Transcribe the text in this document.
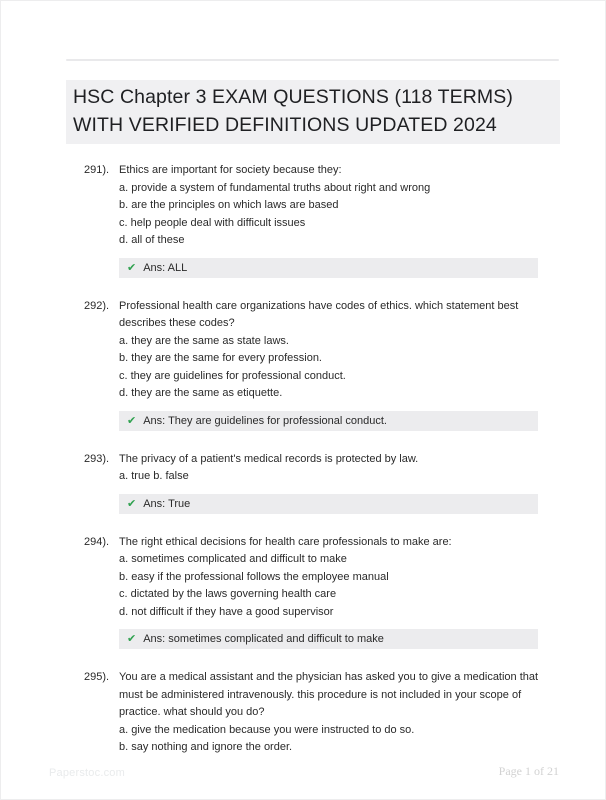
HSC Chapter 3 EXAM QUESTIONS (118 TERMS) WITH VERIFIED DEFINITIONS UPDATED 2024
291). Ethics are important for society because they:
a. provide a system of fundamental truths about right and wrong
b. are the principles on which laws are based
c. help people deal with difficult issues
d. all of these
✔ Ans: ALL
292). Professional health care organizations have codes of ethics. which statement best describes these codes?
a. they are the same as state laws.
b. they are the same for every profession.
c. they are guidelines for professional conduct.
d. they are the same as etiquette.
✔ Ans: They are guidelines for professional conduct.
293). The privacy of a patient's medical records is protected by law.
a. true b. false
✔ Ans: True
294). The right ethical decisions for health care professionals to make are:
a. sometimes complicated and difficult to make
b. easy if the professional follows the employee manual
c. dictated by the laws governing health care
d. not difficult if they have a good supervisor
✔ Ans: sometimes complicated and difficult to make
295). You are a medical assistant and the physician has asked you to give a medication that must be administered intravenously. this procedure is not included in your scope of practice. what should you do?
a. give the medication because you were instructed to do so.
b. say nothing and ignore the order.
Paperstoc.com	Page 1 of 21
